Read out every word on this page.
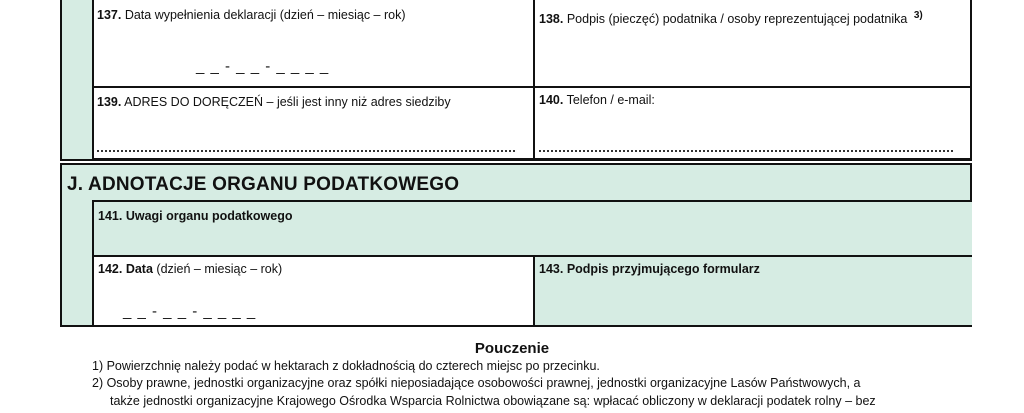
137. Data wypełnienia deklaracji (dzień – miesiąc – rok)
_ _ - _ _ - _ _ _ _
138. Podpis (pieczęć) podatnika / osoby reprezentującej podatnika $^{3)}$
139. ADRES DO DORĘCZEŃ – jeśli jest inny niż adres siedziby	140. Telefon / e-mail:
J. ADNOTACJE ORGANU PODATKOWEGO
141. Uwagi organu podatkowego
142. Data (dzień – miesiąc – rok)
_ _ - _ _ - _ _ _ _
143. Podpis przyjmującego formularz
Pouczenie
1) Powierzchnię należy podać w hektarach z dokładnością do czterech miejsc po przecinku.
2) Osoby prawne, jednostki organizacyjne oraz spółki nieposiadające osobowości prawnej, jednostki organizacyjne Lasów Państwowych, a
także jednostki organizacyjne Krajowego Ośrodka Wsparcia Rolnictwa obowiązane są: wpłacać obliczony w deklaracji podatek rolny – bez
